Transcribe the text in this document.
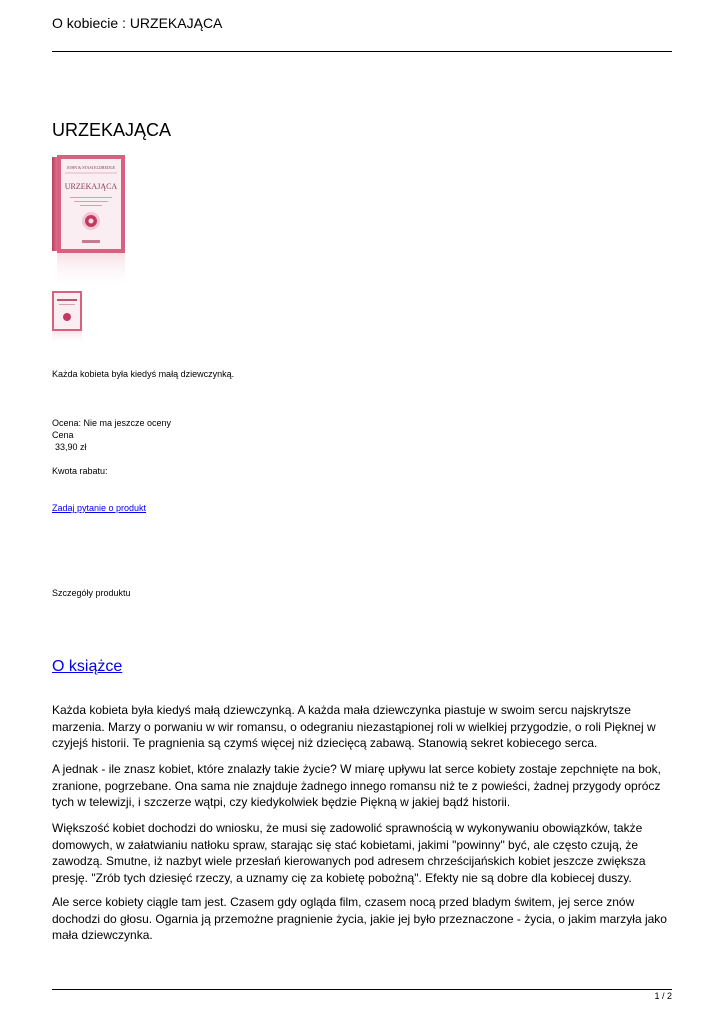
O kobiecie : URZEKAJĄCA
URZEKAJĄCA
JOHN & STASI ELDREDGE
URZEKAJĄCA
Każda kobieta była kiedyś małą dziewczynką.
Ocena: Nie ma jeszcze oceny
Cena
33,90 zł
Kwota rabatu:
Zadaj pytanie o produkt
Szczegóły produktu
O książce

Każda kobieta była kiedyś małą dziewczynką. A każda mała dziewczynka piastuje w swoim sercu najskrytsze marzenia. Marzy o porwaniu w wir romansu, o odegraniu niezastąpionej roli w wielkiej przygodzie, o roli Pięknej w czyjejś historii. Te pragnienia są czymś więcej niż dziecięcą zabawą. Stanowią sekret kobiecego serca.

A jednak - ile znasz kobiet, które znalazły takie życie? W miarę upływu lat serce kobiety zostaje zepchnięte na bok, zranione, pogrzebane. Ona sama nie znajduje żadnego innego romansu niż te z powieści, żadnej przygody oprócz tych w telewizji, i szczerze wątpi, czy kiedykolwiek będzie Piękną w jakiej bądź historii.

Większość kobiet dochodzi do wniosku, że musi się zadowolić sprawnością w wykonywaniu obowiązków, także domowych, w załatwianiu natłoku spraw, starając się stać kobietami, jakimi "powinny" być, ale często czują, że zawodzą. Smutne, iż nazbyt wiele przesłań kierowanych pod adresem chrześcijańskich kobiet jeszcze zwiększa presję. "Zrób tych dziesięć rzeczy, a uznamy cię za kobietę pobożną". Efekty nie są dobre dla kobiecej duszy.

Ale serce kobiety ciągle tam jest. Czasem gdy ogląda film, czasem nocą przed bladym świtem, jej serce znów dochodzi do głosu. Ogarnia ją przemożne pragnienie życia, jakie jej było przeznaczone - życia, o jakim marzyła jako mała dziewczynka.

1 / 2
